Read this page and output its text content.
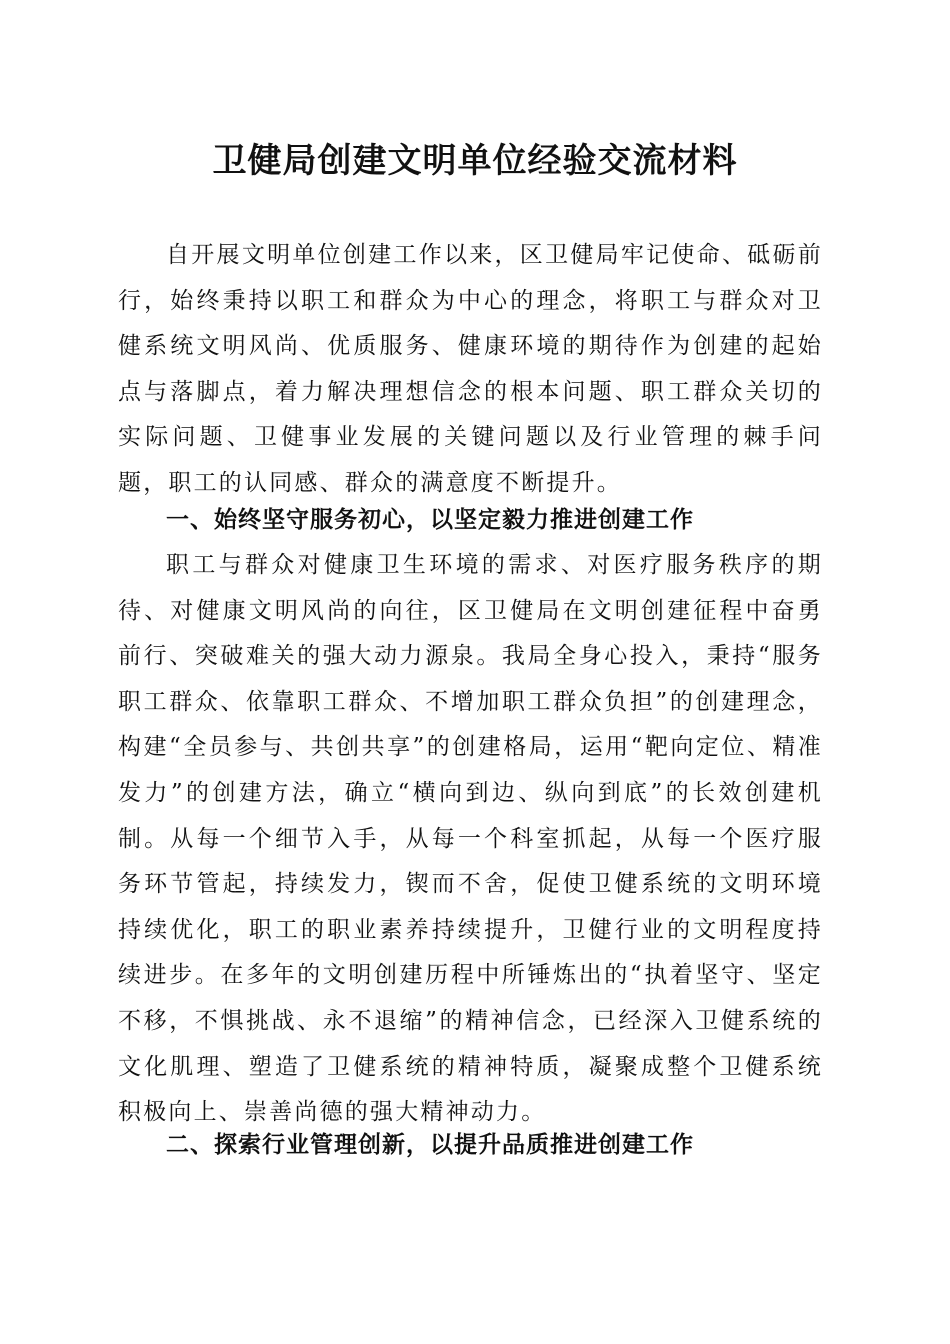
卫健局创建文明单位经验交流材料

自开展文明单位创建工作以来，区卫健局牢记使命、砥砺前行，始终秉持以职工和群众为中心的理念，将职工与群众对卫健系统文明风尚、优质服务、健康环境的期待作为创建的起始点与落脚点，着力解决理想信念的根本问题、职工群众关切的实际问题、卫健事业发展的关键问题以及行业管理的棘手问题，职工的认同感、群众的满意度不断提升。

一、始终坚守服务初心，以坚定毅力推进创建工作

职工与群众对健康卫生环境的需求、对医疗服务秩序的期待、对健康文明风尚的向往，区卫健局在文明创建征程中奋勇前行、突破难关的强大动力源泉。我局全身心投入，秉持“服务职工群众、依靠职工群众、不增加职工群众负担”的创建理念，构建“全员参与、共创共享”的创建格局，运用“靶向定位、精准发力”的创建方法，确立“横向到边、纵向到底”的长效创建机制。从每一个细节入手，从每一个科室抓起，从每一个医疗服务环节管起，持续发力，锲而不舍，促使卫健系统的文明环境持续优化，职工的职业素养持续提升，卫健行业的文明程度持续进步。在多年的文明创建历程中所锤炼出的“执着坚守、坚定不移，不惧挑战、永不退缩”的精神信念，已经深入卫健系统的文化肌理、塑造了卫健系统的精神特质，凝聚成整个卫健系统积极向上、崇善尚德的强大精神动力。

二、探索行业管理创新，以提升品质推进创建工作
